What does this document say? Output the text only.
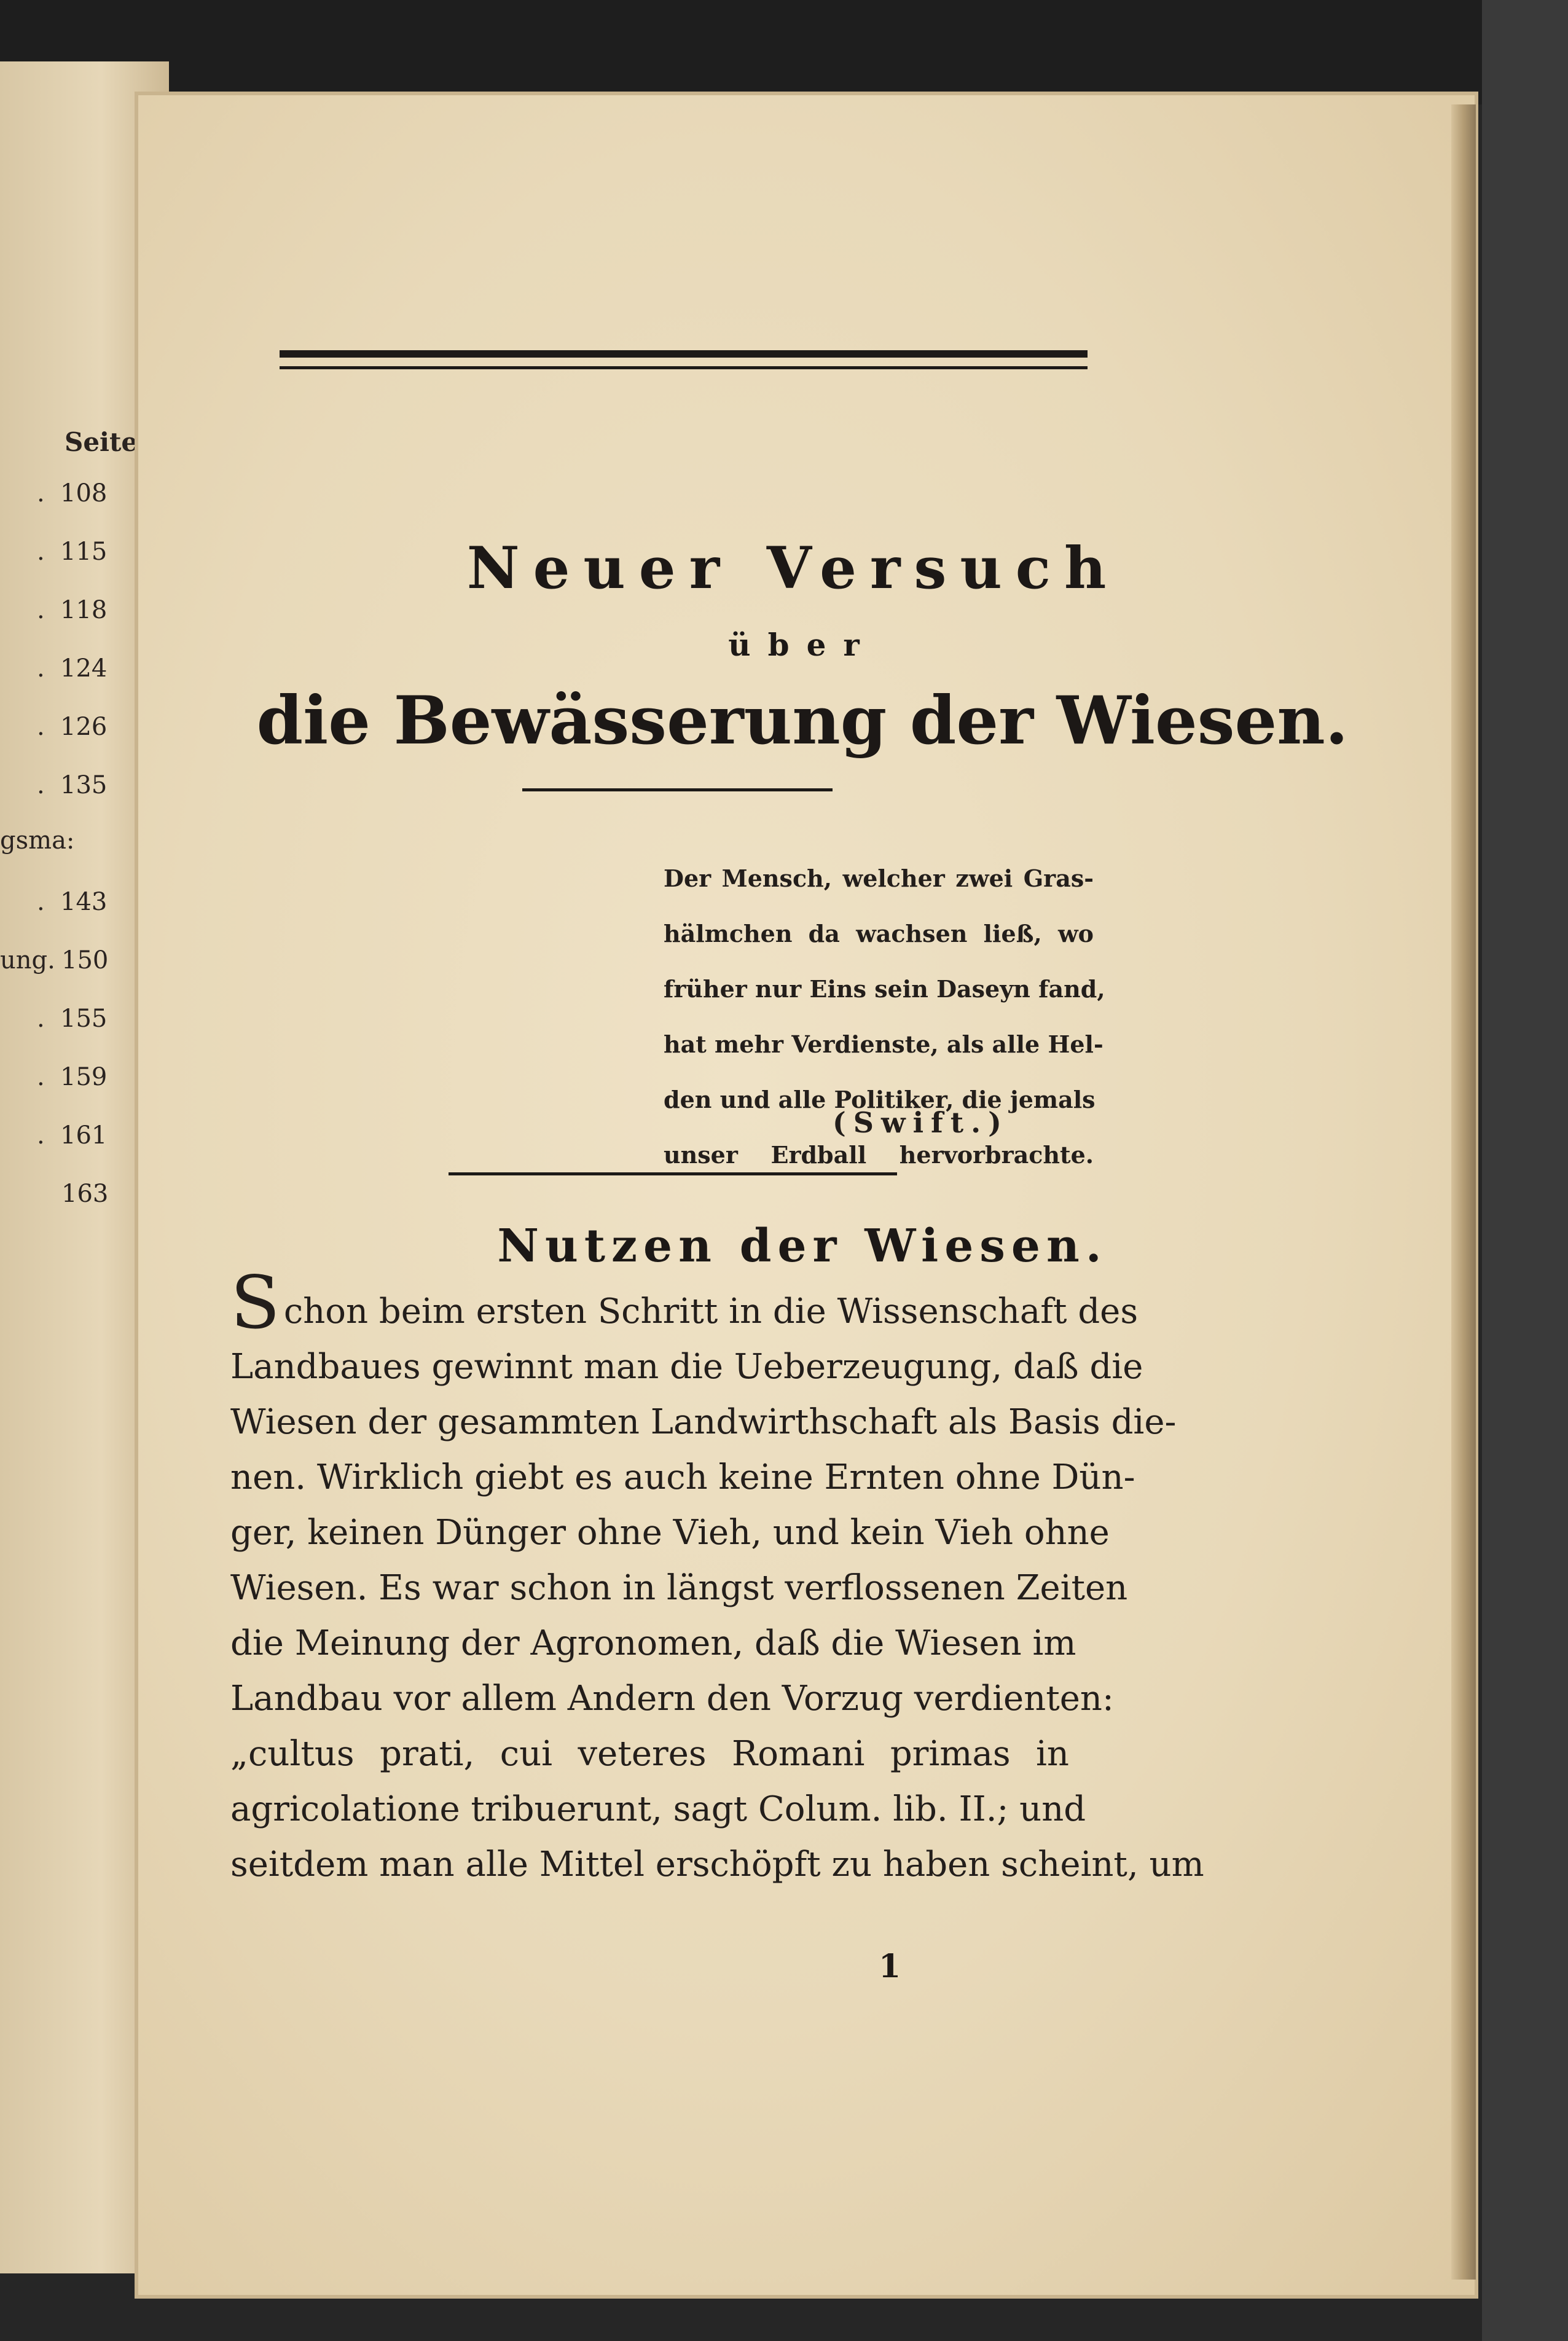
Seite
. 108
. 115
. 118
. 124
. 126
. 135
gsma:
. 143
ung. 150
. 155
. 159
. 161
163
Neuer Versuch
über
die Bewässerung der Wiesen.
Der Mensch, welcher zwei Gras-
hälmchen da wachsen ließ, wo
früher nur Eins sein Daseyn fand,
hat mehr Verdienste, als alle Hel-
den und alle Politiker, die jemals
unser Erdball hervorbrachte.
(Swift.)
Nutzen der Wiesen.
Schon beim ersten Schritt in die Wissenschaft des
Landbaues gewinnt man die Ueberzeugung, daß die
Wiesen der gesammten Landwirthschaft als Basis die-
nen. Wirklich giebt es auch keine Ernten ohne Dün-
ger, keinen Dünger ohne Vieh, und kein Vieh ohne
Wiesen. Es war schon in längst verflossenen Zeiten
die Meinung der Agronomen, daß die Wiesen im
Landbau vor allem Andern den Vorzug verdienten:
„cultus prati, cui veteres Romani primas in
agricolatione tribuerunt, sagt Colum. lib. II.; und
seitdem man alle Mittel erschöpft zu haben scheint, um
1
